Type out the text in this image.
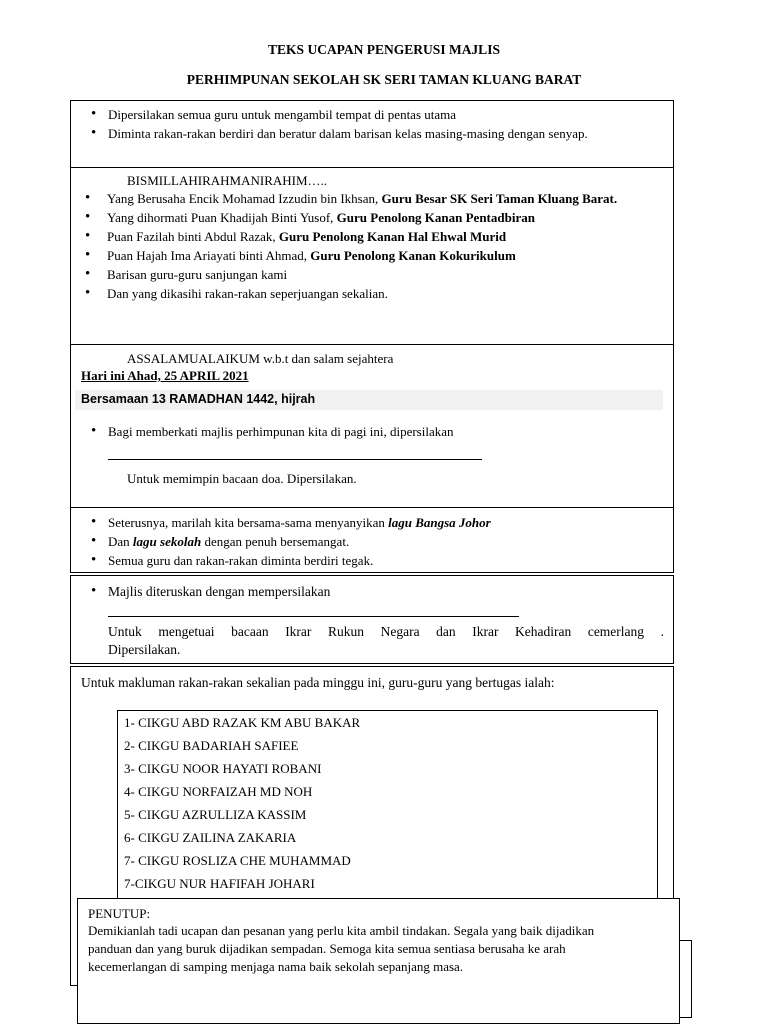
TEKS UCAPAN PENGERUSI MAJLIS
PERHIMPUNAN SEKOLAH SK SERI TAMAN KLUANG BARAT
• Dipersilakan semua guru untuk mengambil tempat di pentas utama
• Diminta rakan-rakan berdiri dan beratur dalam barisan kelas masing-masing dengan senyap.
BISMILLAHIRAHMANIRAHIM…..
• Yang Berusaha Encik Mohamad Izzudin bin Ikhsan, Guru Besar SK Seri Taman Kluang Barat.
• Yang dihormati Puan Khadijah Binti Yusof, Guru Penolong Kanan Pentadbiran
• Puan Fazilah binti Abdul Razak, Guru Penolong Kanan Hal Ehwal Murid
• Puan Hajah Ima Ariayati binti Ahmad, Guru Penolong Kanan Kokurikulum
• Barisan guru-guru sanjungan kami
• Dan yang dikasihi rakan-rakan seperjuangan sekalian.
ASSALAMUALAIKUM w.b.t dan salam sejahtera
Hari ini Ahad, 25 APRIL 2021
Bersamaan 13 RAMADHAN 1442, hijrah
• Bagi memberkati majlis perhimpunan kita di pagi ini, dipersilakan
Untuk memimpin bacaan doa. Dipersilakan.
• Seterusnya, marilah kita bersama-sama menyanyikan lagu Bangsa Johor
• Dan lagu sekolah dengan penuh bersemangat.
• Semua guru dan rakan-rakan diminta berdiri tegak.
• Majlis diteruskan dengan mempersilakan
Untuk mengetuai bacaan Ikrar Rukun Negara dan Ikrar Kehadiran cemerlang .
Dipersilakan.
Untuk makluman rakan-rakan sekalian pada minggu ini, guru-guru yang bertugas ialah:

1- CIKGU ABD RAZAK KM ABU BAKAR

2- CIKGU BADARIAH SAFIEE

3- CIKGU NOOR HAYATI ROBANI

4- CIKGU NORFAIZAH MD NOH

5- CIKGU AZRULLIZA KASSIM

6- CIKGU ZAILINA ZAKARIA

7- CIKGU ROSLIZA CHE MUHAMMAD

7-CIKGU NUR HAFIFAH JOHARI

PENUTUP:
Demikianlah tadi ucapan dan pesanan yang perlu kita ambil tindakan. Segala yang baik dijadikan
panduan dan yang buruk dijadikan sempadan. Semoga kita semua sentiasa berusaha ke arah
kecemerlangan di samping menjaga nama baik sekolah sepanjang masa.
